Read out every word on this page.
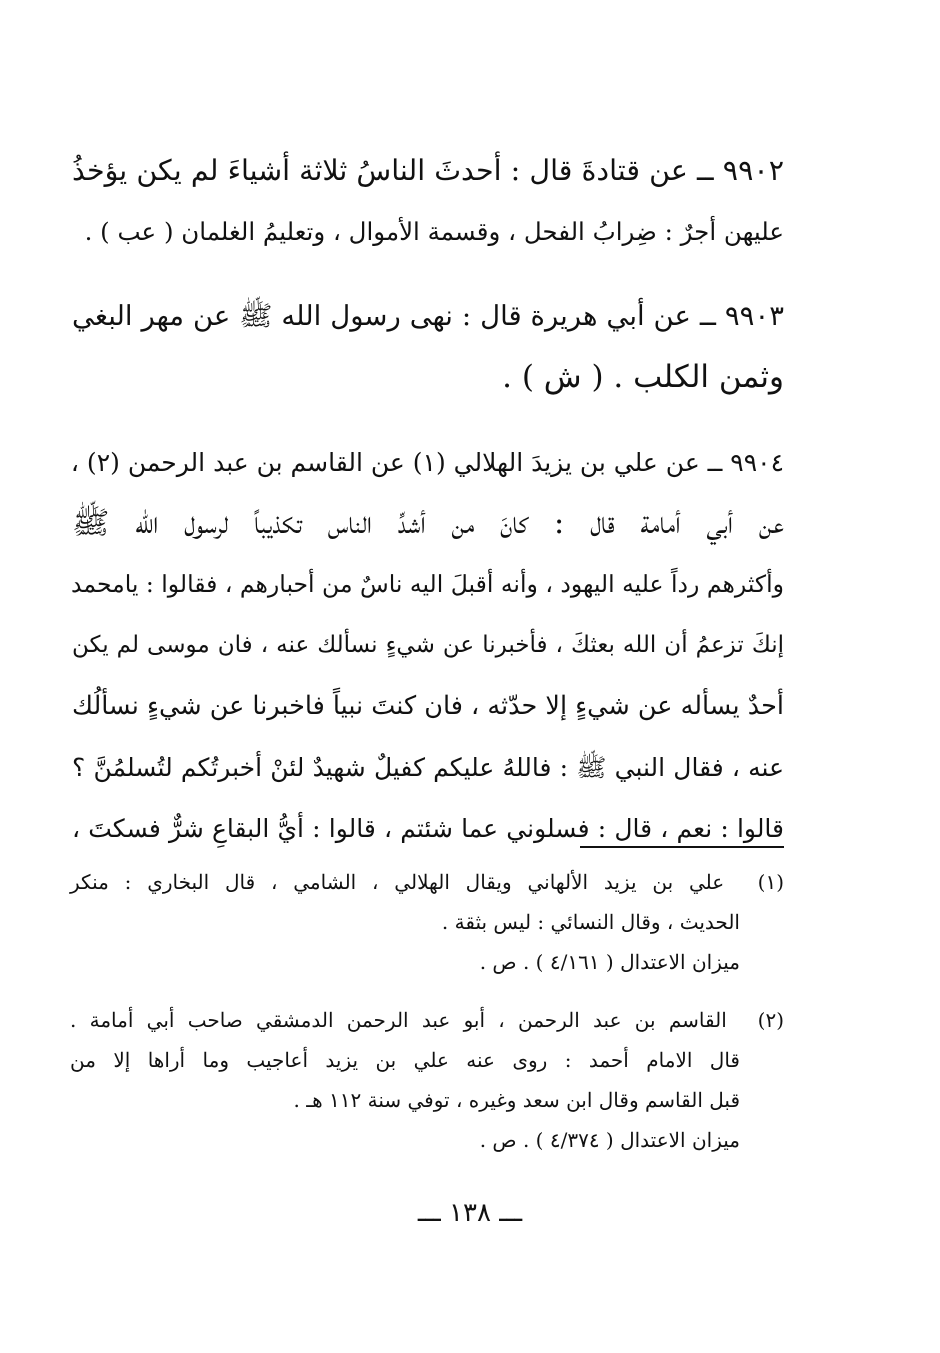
٩٩٠٢ ــ عن قتادةَ قال : أحدثَ الناسُ ثلاثة أشياءَ لم يكن يؤخذُ
عليهن أجرٌ : ضِرابُ الفحل ، وقسمة الأموال ، وتعليمُ الغلمان ( عب ) .
٩٩٠٣ ــ عن أبي هريرة قال : نهى رسول الله ﷺ عن مهر البغي
وثمن الكلب . ( ش ) .
٩٩٠٤ ــ عن علي بن يزيدَ الهلالي (١) عن القاسم بن عبد الرحمن (٢) ،
عن أبي أمامة قال : كانَ من أشدِّ الناس تكذيباً لرسول الله ﷺ
وأكثرهم رداً عليه اليهود ، وأنه أقبلَ اليه ناسٌ من أحبارهم ، فقالوا : يامحمد
إنكَ تزعمُ أن الله بعثكَ ، فأخبرنا عن شيءٍ نسألك عنه ، فان موسى لم يكن
أحدٌ يسأله عن شيءٍ إلا حدّثه ، فان كنتَ نبياً فاخبرنا عن شيءٍ نسألُك
عنه ، فقال النبي ﷺ : فاللهُ عليكم كفيلٌ شهيدٌ لئنْ أخبرتُكم لتُسلمُنَّ ؟
قالوا : نعم ، قال : فسلوني عما شئتم ، قالوا : أيُّ البقاعِ شرٌّ فسكتَ ،
(١) علي بن يزيد الألهاني ويقال الهلالي ، الشامي ، قال البخاري : منكر
الحديث ، وقال النسائي : ليس بثقة .
ميزان الاعتدال ( ٤/١٦١ ) . ص .
(٢) القاسم بن عبد الرحمن ، أبو عبد الرحمن الدمشقي صاحب أبي أمامة .
قال الامام أحمد : روى عنه علي بن يزيد أعاجيب وما أراها إلا من
قبل القاسم وقال ابن سعد وغيره ، توفي سنة ١١٢ هـ .
ميزان الاعتدال ( ٤/٣٧٤ ) . ص .
ـــ ١٣٨ ـــ
